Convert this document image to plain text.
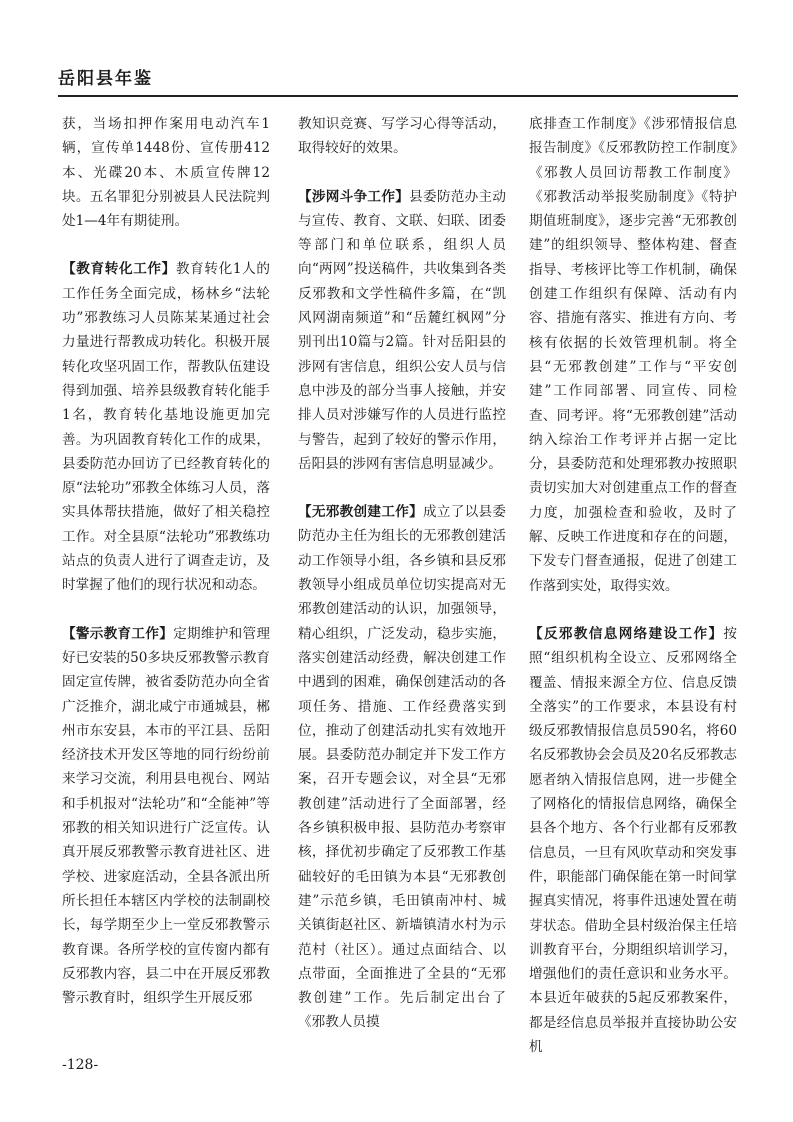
岳阳县年鉴

获，当场扣押作案用电动汽车1辆，宣传单1448份、宣传册412本、光碟20本、木质宣传牌12块。五名罪犯分别被县人民法院判处1—4年有期徒刑。

【教育转化工作】教育转化1人的工作任务全面完成，杨林乡“法轮功”邪教练习人员陈某某通过社会力量进行帮教成功转化。积极开展转化攻坚巩固工作，帮教队伍建设得到加强、培养县级教育转化能手1名，教育转化基地设施更加完善。为巩固教育转化工作的成果，县委防范办回访了已经教育转化的原“法轮功”邪教全体练习人员，落实具体帮扶措施，做好了相关稳控工作。对全县原“法轮功”邪教练功站点的负责人进行了调查走访，及时掌握了他们的现行状况和动态。

【警示教育工作】定期维护和管理好已安装的50多块反邪教警示教育固定宣传牌，被省委防范办向全省广泛推介，湖北咸宁市通城县，郴州市东安县，本市的平江县、岳阳经济技术开发区等地的同行纷纷前来学习交流，利用县电视台、网站和手机报对“法轮功”和“全能神”等邪教的相关知识进行广泛宣传。认真开展反邪教警示教育进社区、进学校、进家庭活动，全县各派出所所长担任本辖区内学校的法制副校长，每学期至少上一堂反邪教警示教育课。各所学校的宣传窗内都有反邪教内容，县二中在开展反邪教警示教育时，组织学生开展反邪

教知识竞赛、写学习心得等活动，取得较好的效果。

【涉网斗争工作】县委防范办主动与宣传、教育、文联、妇联、团委等部门和单位联系，组织人员向“两网”投送稿件，共收集到各类反邪教和文学性稿件多篇，在“凯风网湖南频道”和“岳麓红枫网”分别刊出10篇与2篇。针对岳阳县的涉网有害信息，组织公安人员与信息中涉及的部分当事人接触，并安排人员对涉嫌写作的人员进行监控与警告，起到了较好的警示作用，岳阳县的涉网有害信息明显减少。

【无邪教创建工作】成立了以县委防范办主任为组长的无邪教创建活动工作领导小组，各乡镇和县反邪教领导小组成员单位切实提高对无邪教创建活动的认识，加强领导，精心组织，广泛发动，稳步实施，落实创建活动经费，解决创建工作中遇到的困难，确保创建活动的各项任务、措施、工作经费落实到位，推动了创建活动扎实有效地开展。县委防范办制定并下发工作方案，召开专题会议，对全县“无邪教创建”活动进行了全面部署，经各乡镇积极申报、县防范办考察审核，择优初步确定了反邪教工作基础较好的毛田镇为本县“无邪教创建”示范乡镇，毛田镇南冲村、城关镇街赵社区、新墙镇清水村为示范村（社区）。通过点面结合、以点带面，全面推进了全县的“无邪教创建”工作。先后制定出台了《邪教人员摸

底排查工作制度》《涉邪情报信息报告制度》《反邪教防控工作制度》《邪教人员回访帮教工作制度》《邪教活动举报奖励制度》《特护期值班制度》，逐步完善“无邪教创建”的组织领导、整体构建、督查指导、考核评比等工作机制，确保创建工作组织有保障、活动有内容、措施有落实、推进有方向、考核有依据的长效管理机制。将全县“无邪教创建”工作与“平安创建”工作同部署、同宣传、同检查、同考评。将“无邪教创建”活动纳入综治工作考评并占据一定比分，县委防范和处理邪教办按照职责切实加大对创建重点工作的督查力度，加强检查和验收，及时了解、反映工作进度和存在的问题，下发专门督查通报，促进了创建工作落到实处，取得实效。

【反邪教信息网络建设工作】按照“组织机构全设立、反邪网络全覆盖、情报来源全方位、信息反馈全落实”的工作要求，本县设有村级反邪教情报信息员590名，将60名反邪教协会会员及20名反邪教志愿者纳入情报信息网，进一步健全了网格化的情报信息网络，确保全县各个地方、各个行业都有反邪教信息员，一旦有风吹草动和突发事件，职能部门确保能在第一时间掌握真实情况，将事件迅速处置在萌芽状态。借助全县村级治保主任培训教育平台，分期组织培训学习，增强他们的责任意识和业务水平。本县近年破获的5起反邪教案件，都是经信息员举报并直接协助公安机

-128-
